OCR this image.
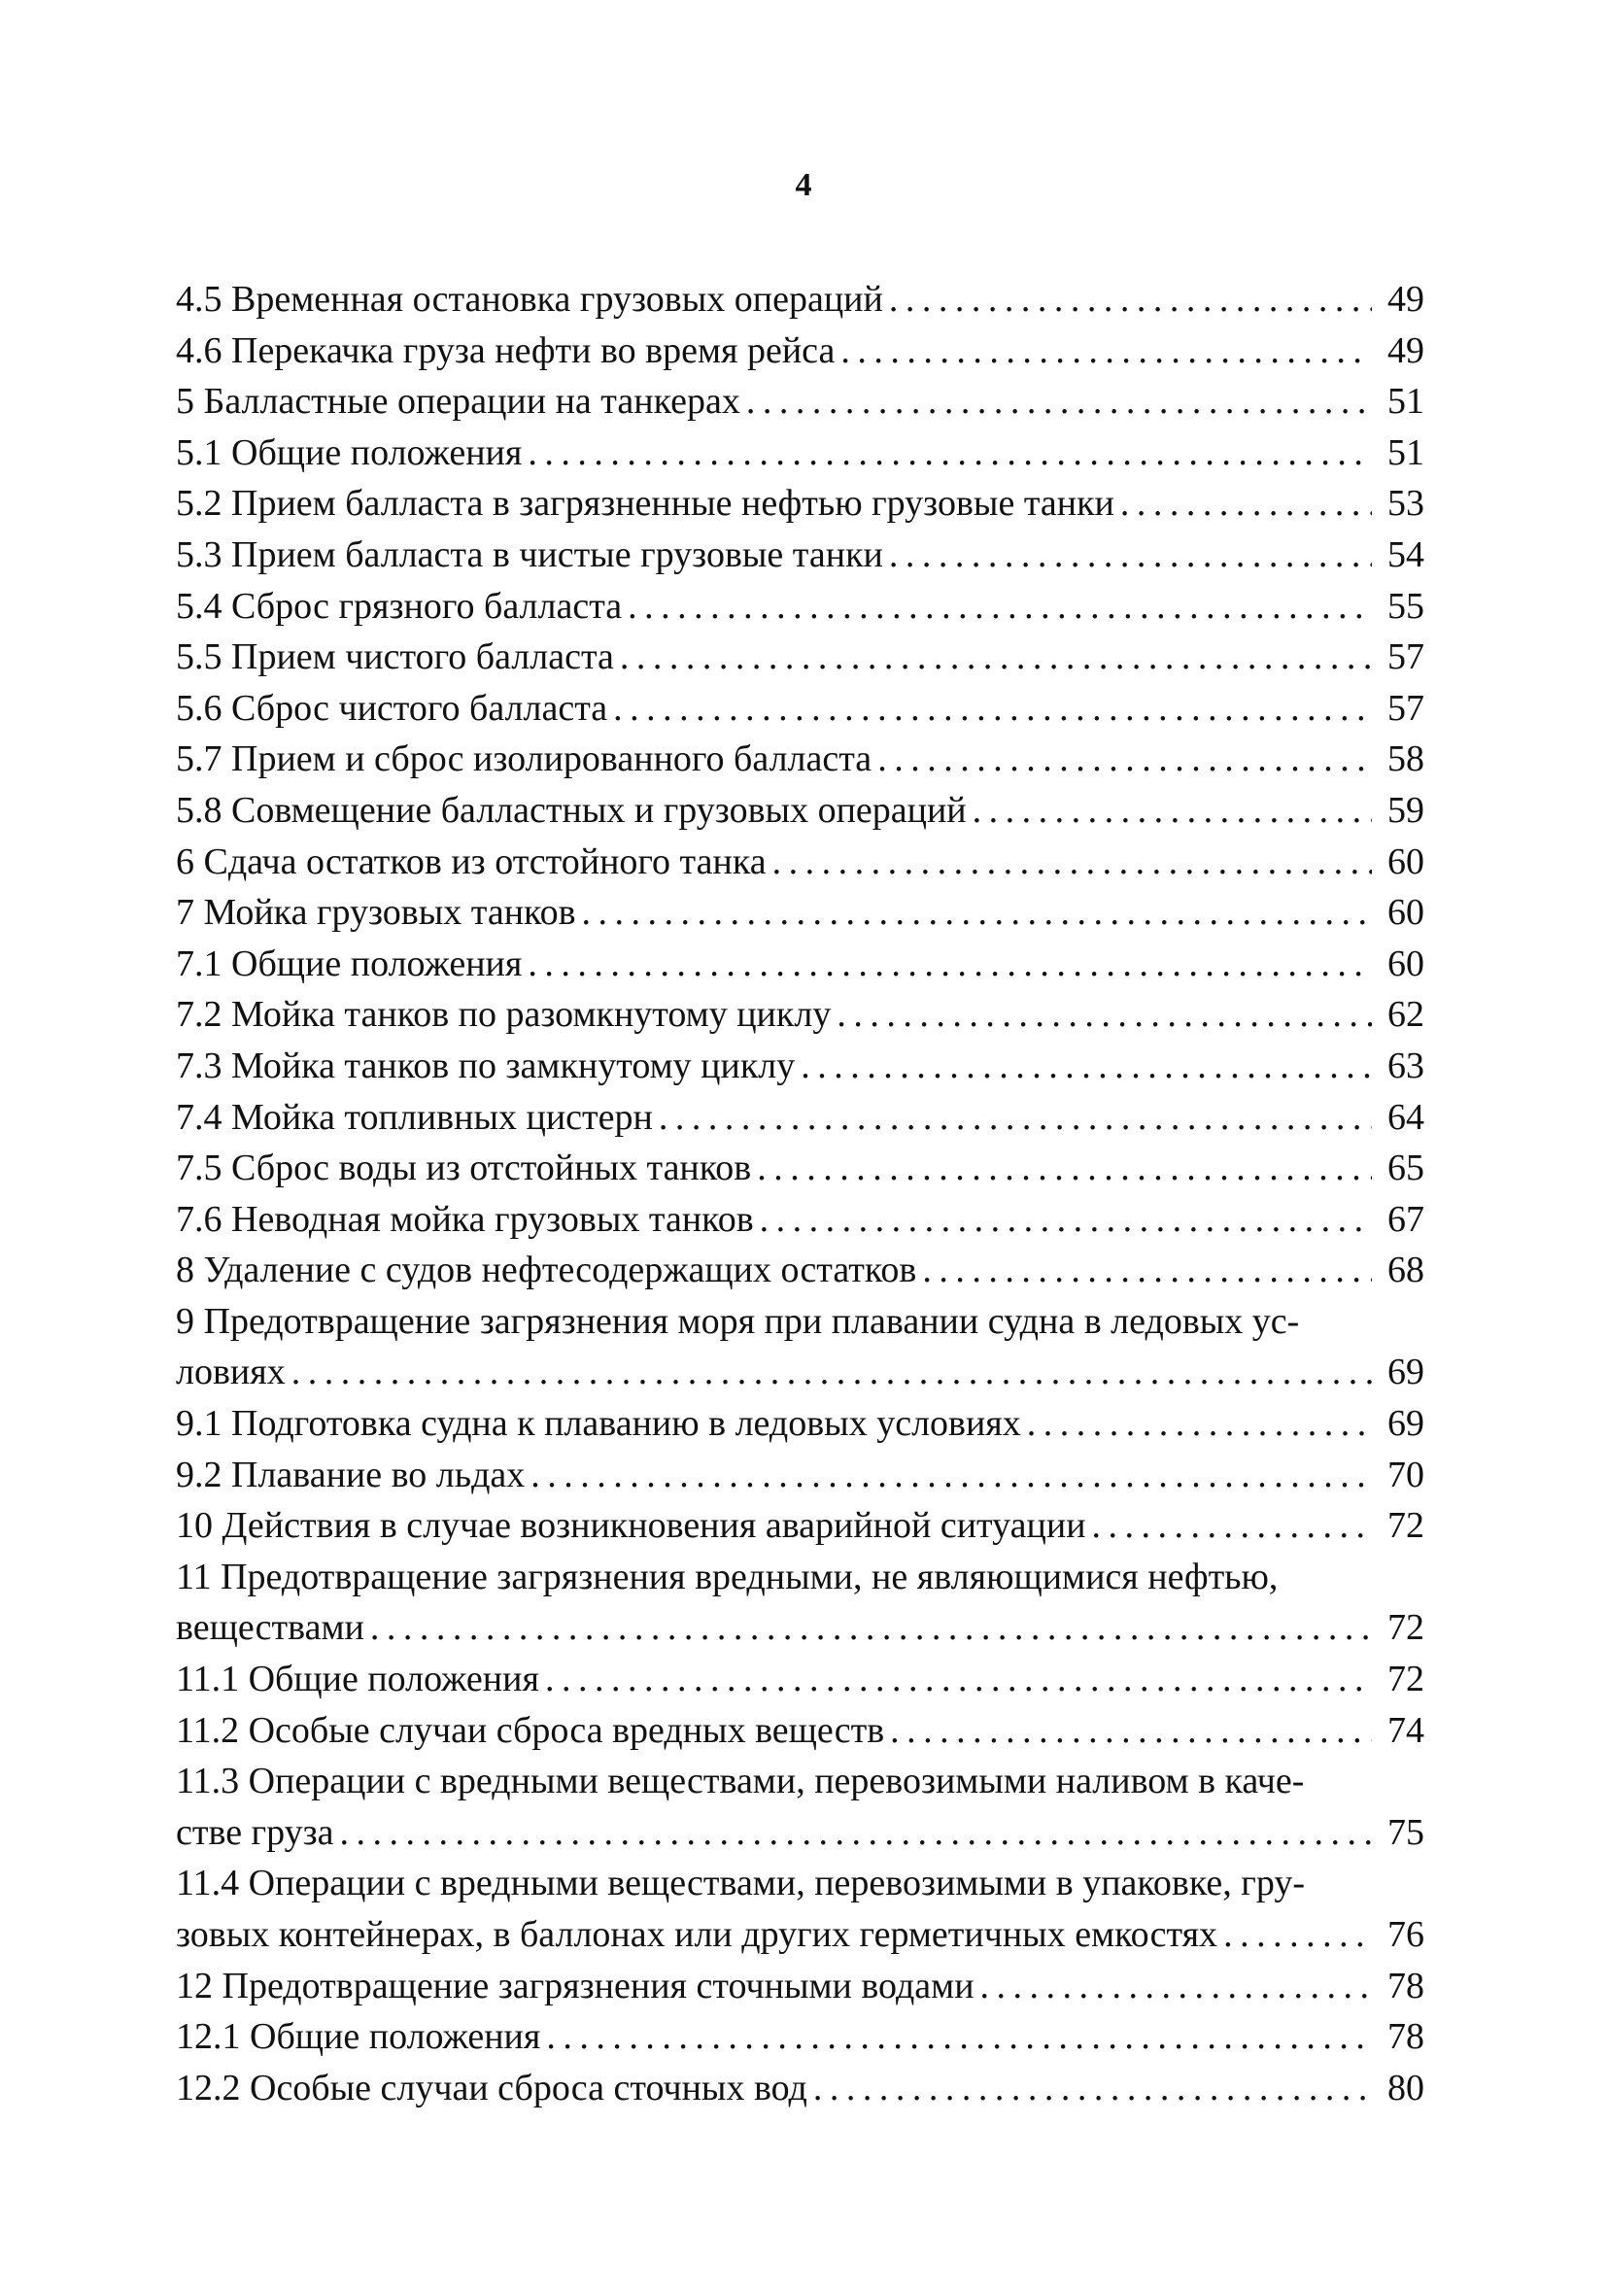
4
4.5 Временная остановка грузовых операций . . .	49
4.6 Перекачка груза нефти во время рейса . . .	49
5 Балластные операции на танкерах . . .	51
5.1 Общие положения . . .	51
5.2 Прием балласта в загрязненные нефтью грузовые танки . . .	53
5.3 Прием балласта в чистые грузовые танки . . .	54
5.4 Сброс грязного балласта . . .	55
5.5 Прием чистого балласта . . .	57
5.6 Сброс чистого балласта . . .	57
5.7 Прием и сброс изолированного балласта . . .	58
5.8 Совмещение балластных и грузовых операций . . .	59
6 Сдача остатков из отстойного танка . . .	60
7 Мойка грузовых танков . . .	60
7.1 Общие положения . . .	60
7.2 Мойка танков по разомкнутому циклу . . .	62
7.3 Мойка танков по замкнутому циклу . . .	63
7.4 Мойка топливных цистерн . . .	64
7.5 Сброс воды из отстойных танков . . .	65
7.6 Неводная мойка грузовых танков . . .	67
8 Удаление с судов нефтесодержащих остатков . . .	68
9 Предотвращение загрязнения моря при плавании судна в ледовых ус-
ловиях . . .	69
9.1 Подготовка судна к плаванию в ледовых условиях . . .	69
9.2 Плавание во льдах . . .	70
10 Действия в случае возникновения аварийной ситуации . . .	72
11 Предотвращение загрязнения вредными, не являющимися нефтью,
веществами . . .	72
11.1 Общие положения . . .	72
11.2 Особые случаи сброса вредных веществ . . .	74
11.3 Операции с вредными веществами, перевозимыми наливом в каче-
стве груза . . .	75
11.4 Операции с вредными веществами, перевозимыми в упаковке, гру-
зовых контейнерах, в баллонах или других герметичных емкостях . . .	76
12 Предотвращение загрязнения сточными водами . . .	78
12.1 Общие положения . . .	78
12.2 Особые случаи сброса сточных вод . . .	80
